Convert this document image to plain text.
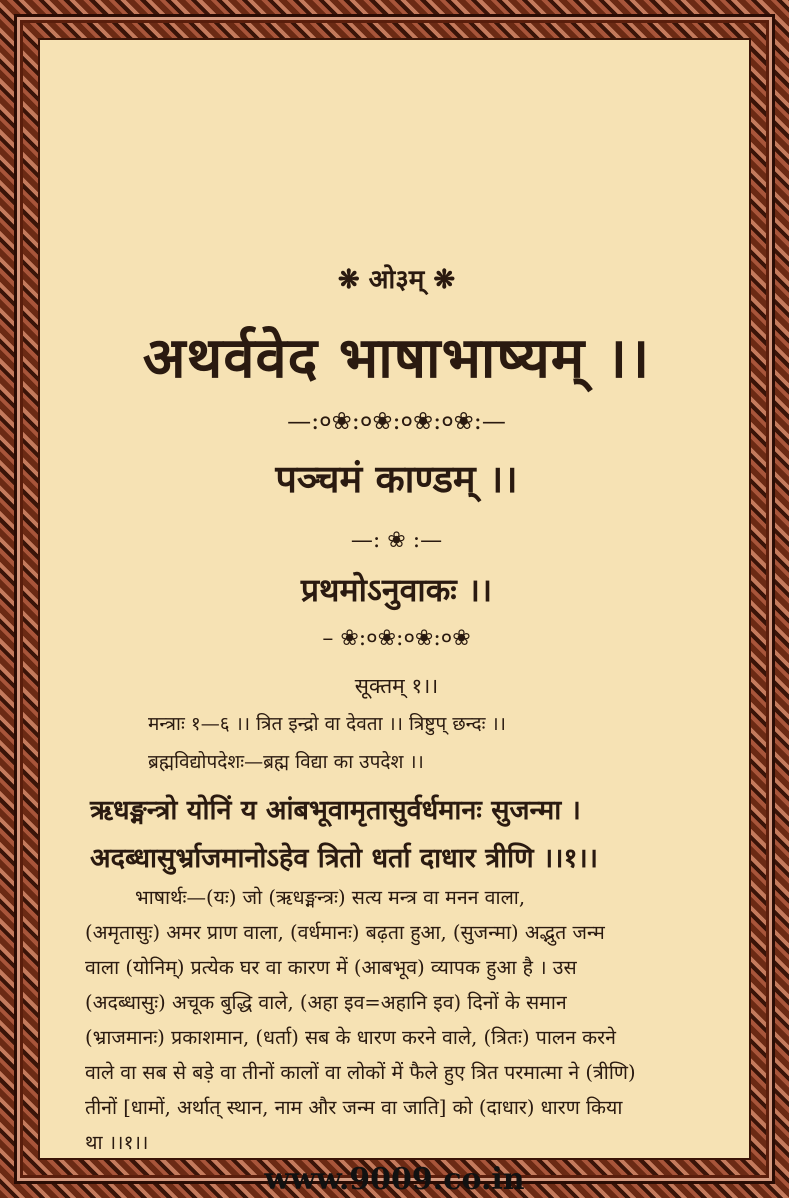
❋ ओ३म् ❋
अथर्ववेद भाषाभाष्यम् ।।
—:०❀:०❀:०❀:०❀:—
पञ्चमं काण्डम् ।।
—: ❀ :—
प्रथमोऽनुवाकः ।।
– ❀:०❀:०❀:०❀
सूक्तम् १।।
मन्त्राः १—६ ।। त्रित इन्द्रो वा देवता ।। त्रिष्टुप् छन्दः ।।
ब्रह्मविद्योपदेशः—ब्रह्म विद्या का उपदेश ।।
ऋधङ्मन्त्रो योनिं य आंबभूवामृतासुर्वर्धमानः सुजन्मा ।
अदब्धासुर्भ्राजमानोऽहेव त्रितो धर्ता दाधार त्रीणि ।।१।।

भाषार्थः—(यः) जो (ऋधङ्मन्त्रः) सत्य मन्त्र वा मनन वाला,

(अमृतासुः) अमर प्राण वाला, (वर्धमानः) बढ़ता हुआ, (सुजन्मा) अद्भुत जन्म

वाला (योनिम्) प्रत्येक घर वा कारण में (आबभूव) व्यापक हुआ है । उस

(अदब्धासुः) अचूक बुद्धि वाले, (अहा इव=अहानि इव) दिनों के समान

(भ्राजमानः) प्रकाशमान, (धर्ता) सब के धारण करने वाले, (त्रितः) पालन करने

वाले वा सब से बड़े वा तीनों कालों वा लोकों में फैले हुए त्रित परमात्मा ने (त्रीणि)

तीनों [धामों, अर्थात् स्थान, नाम और जन्म वा जाति] को (दाधार) धारण किया

था ।।१।।

www.9009.co.in
